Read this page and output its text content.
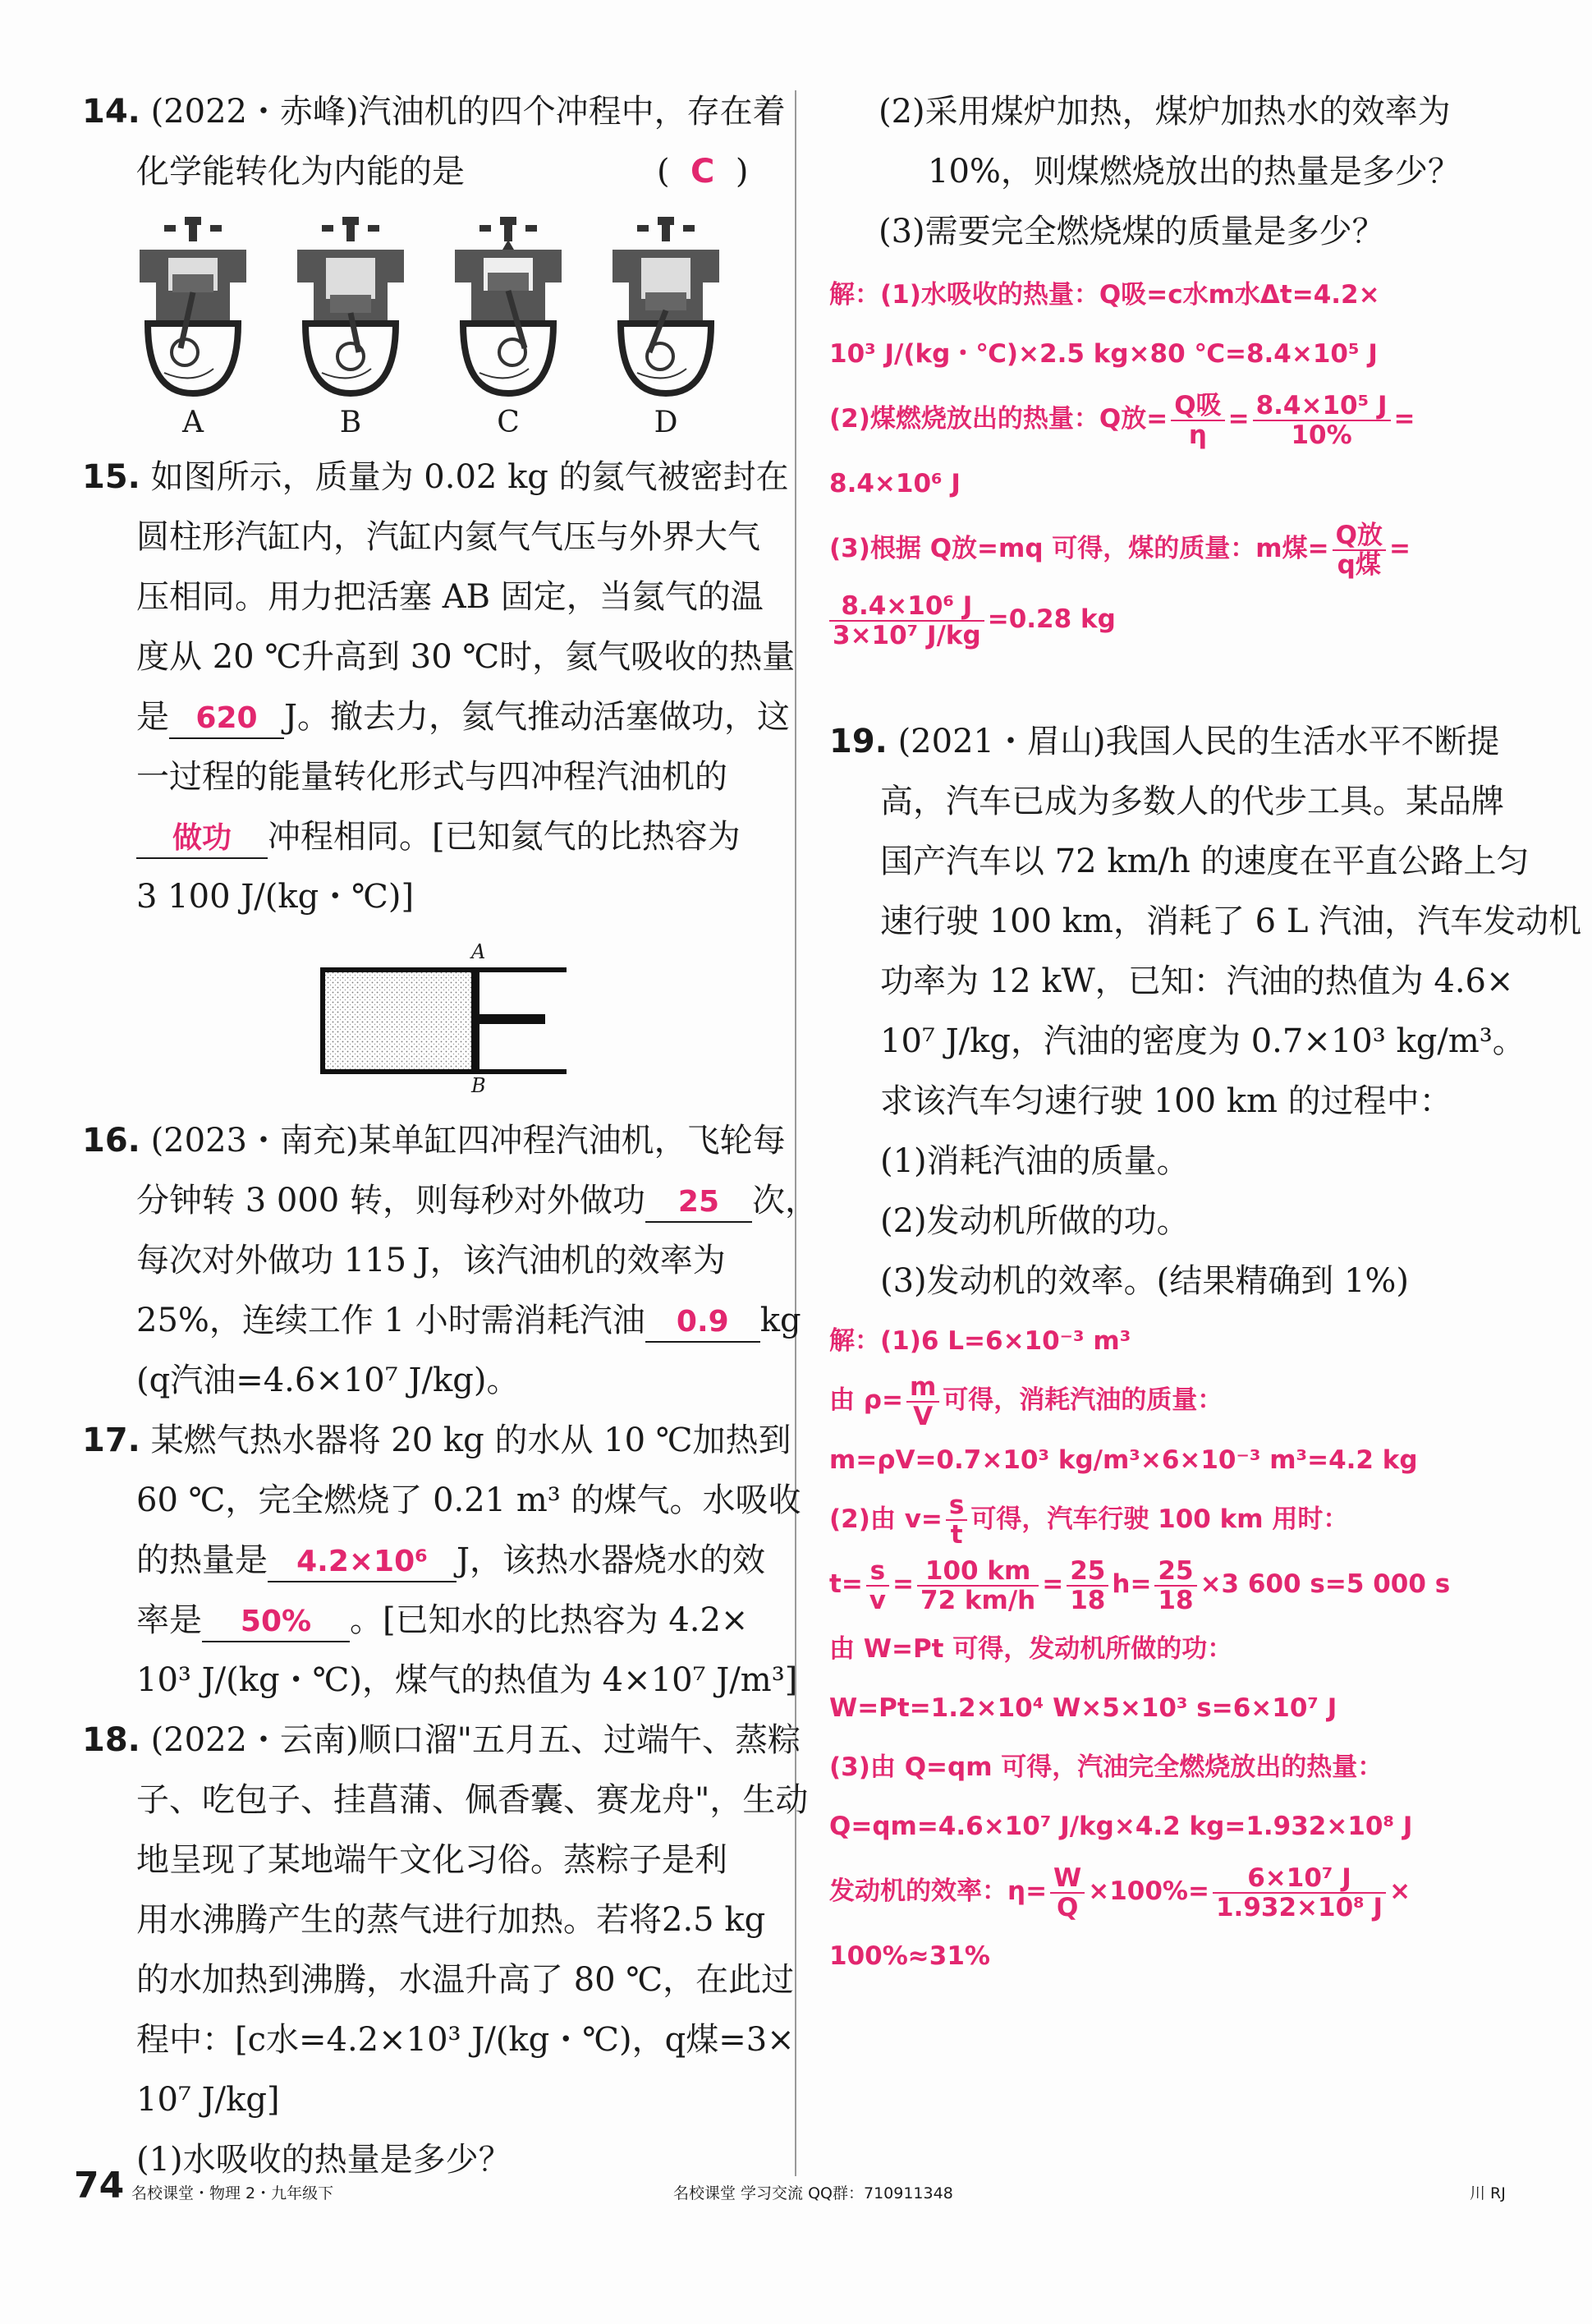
14. (2022・赤峰)汽油机的四个冲程中，存在着

化学能转化为内能的是	(  C  )

A	B	C	D

15. 如图所示，质量为 0.02 kg 的氦气被密封在

圆柱形汽缸内，汽缸内氦气气压与外界大气

压相同。用力把活塞 AB 固定，当氦气的温

度从 20 ℃升高到 30 ℃时，氦气吸收的热量

是 620 J。撤去力，氦气推动活塞做功，这

一过程的能量转化形式与四冲程汽油机的

做功 冲程相同。[已知氦气的比热容为

3 100 J/(kg・℃)]

A
B

16. (2023・南充)某单缸四冲程汽油机，飞轮每

分钟转 3 000 转，则每秒对外做功 25 次，

每次对外做功 115 J，该汽油机的效率为

25%，连续工作 1 小时需消耗汽油 0.9 kg

(q汽油=4.6×10⁷ J/kg)。

17. 某燃气热水器将 20 kg 的水从 10 ℃加热到

60 ℃，完全燃烧了 0.21 m³ 的煤气。水吸收

的热量是 4.2×10⁶ J，该热水器烧水的效

率是 50% 。[已知水的比热容为 4.2×

10³ J/(kg・℃)，煤气的热值为 4×10⁷ J/m³]

18. (2022・云南)顺口溜"五月五、过端午、蒸粽

子、吃包子、挂菖蒲、佩香囊、赛龙舟"，生动

地呈现了某地端午文化习俗。蒸粽子是利

用水沸腾产生的蒸气进行加热。若将2.5 kg

的水加热到沸腾，水温升高了 80 ℃，在此过

程中：[c水=4.2×10³ J/(kg・℃)，q煤=3×

10⁷ J/kg]

(1)水吸收的热量是多少？

(2)采用煤炉加热，煤炉加热水的效率为

10%，则煤燃烧放出的热量是多少？

(3)需要完全燃烧煤的质量是多少？

解：(1)水吸收的热量：Q吸=c水m水Δt=4.2×

10³ J/(kg・℃)×2.5 kg×80 ℃=8.4×10⁵ J

(2)煤燃烧放出的热量：Q放= $\frac{\text{Q吸}}{\eta} = \frac{\text{8.4×10⁵ J}}{10\%}$ =

8.4×10⁶ J

(3)根据 Q放=mq 可得，煤的质量：m煤= $\frac{\text{Q放}}{\text{q煤}}$ =

$\frac{\text{8.4×10⁶ J}}{\text{3×10⁷ J/kg}} =0.28$ kg

19. (2021・眉山)我国人民的生活水平不断提

高，汽车已成为多数人的代步工具。某品牌

国产汽车以 72 km/h 的速度在平直公路上匀

速行驶 100 km，消耗了 6 L 汽油，汽车发动机

功率为 12 kW，已知：汽油的热值为 4.6×

10⁷ J/kg，汽油的密度为 0.7×10³ kg/m³。

求该汽车匀速行驶 100 km 的过程中：

(1)消耗汽油的质量。

(2)发动机所做的功。

(3)发动机的效率。(结果精确到 1%)

解：(1)6 L=6×10⁻³ m³

由 $\rho= \frac{m}{V}$ 可得，消耗汽油的质量：

m=ρV=0.7×10³ kg/m³×6×10⁻³ m³=4.2 kg

(2)由 $v= \frac{s}{t}$ 可得，汽车行驶 100 km 用时：

$t= \frac{s}{v} = \frac{100 km}{72 km/h} = \frac{25}{18} h= \frac{25}{18} \times 3$ 600 s=5 000 s

由 W=Pt 可得，发动机所做的功：

W=Pt=1.2×10⁴ W×5×10³ s=6×10⁷ J

(3)由 Q=qm 可得，汽油完全燃烧放出的热量：

Q=qm=4.6×10⁷ J/kg×4.2 kg=1.932×10⁸ J

发动机的效率：$\eta= \frac{W}{Q} \times 100\%= \frac{\text{6×10⁷ J}}{\text{1.932×10⁸ J}}$ ×

100%≈31%

74 名校课堂・物理 2・九年级下	名校课堂 学习交流 QQ群：710911348	川 RJ
